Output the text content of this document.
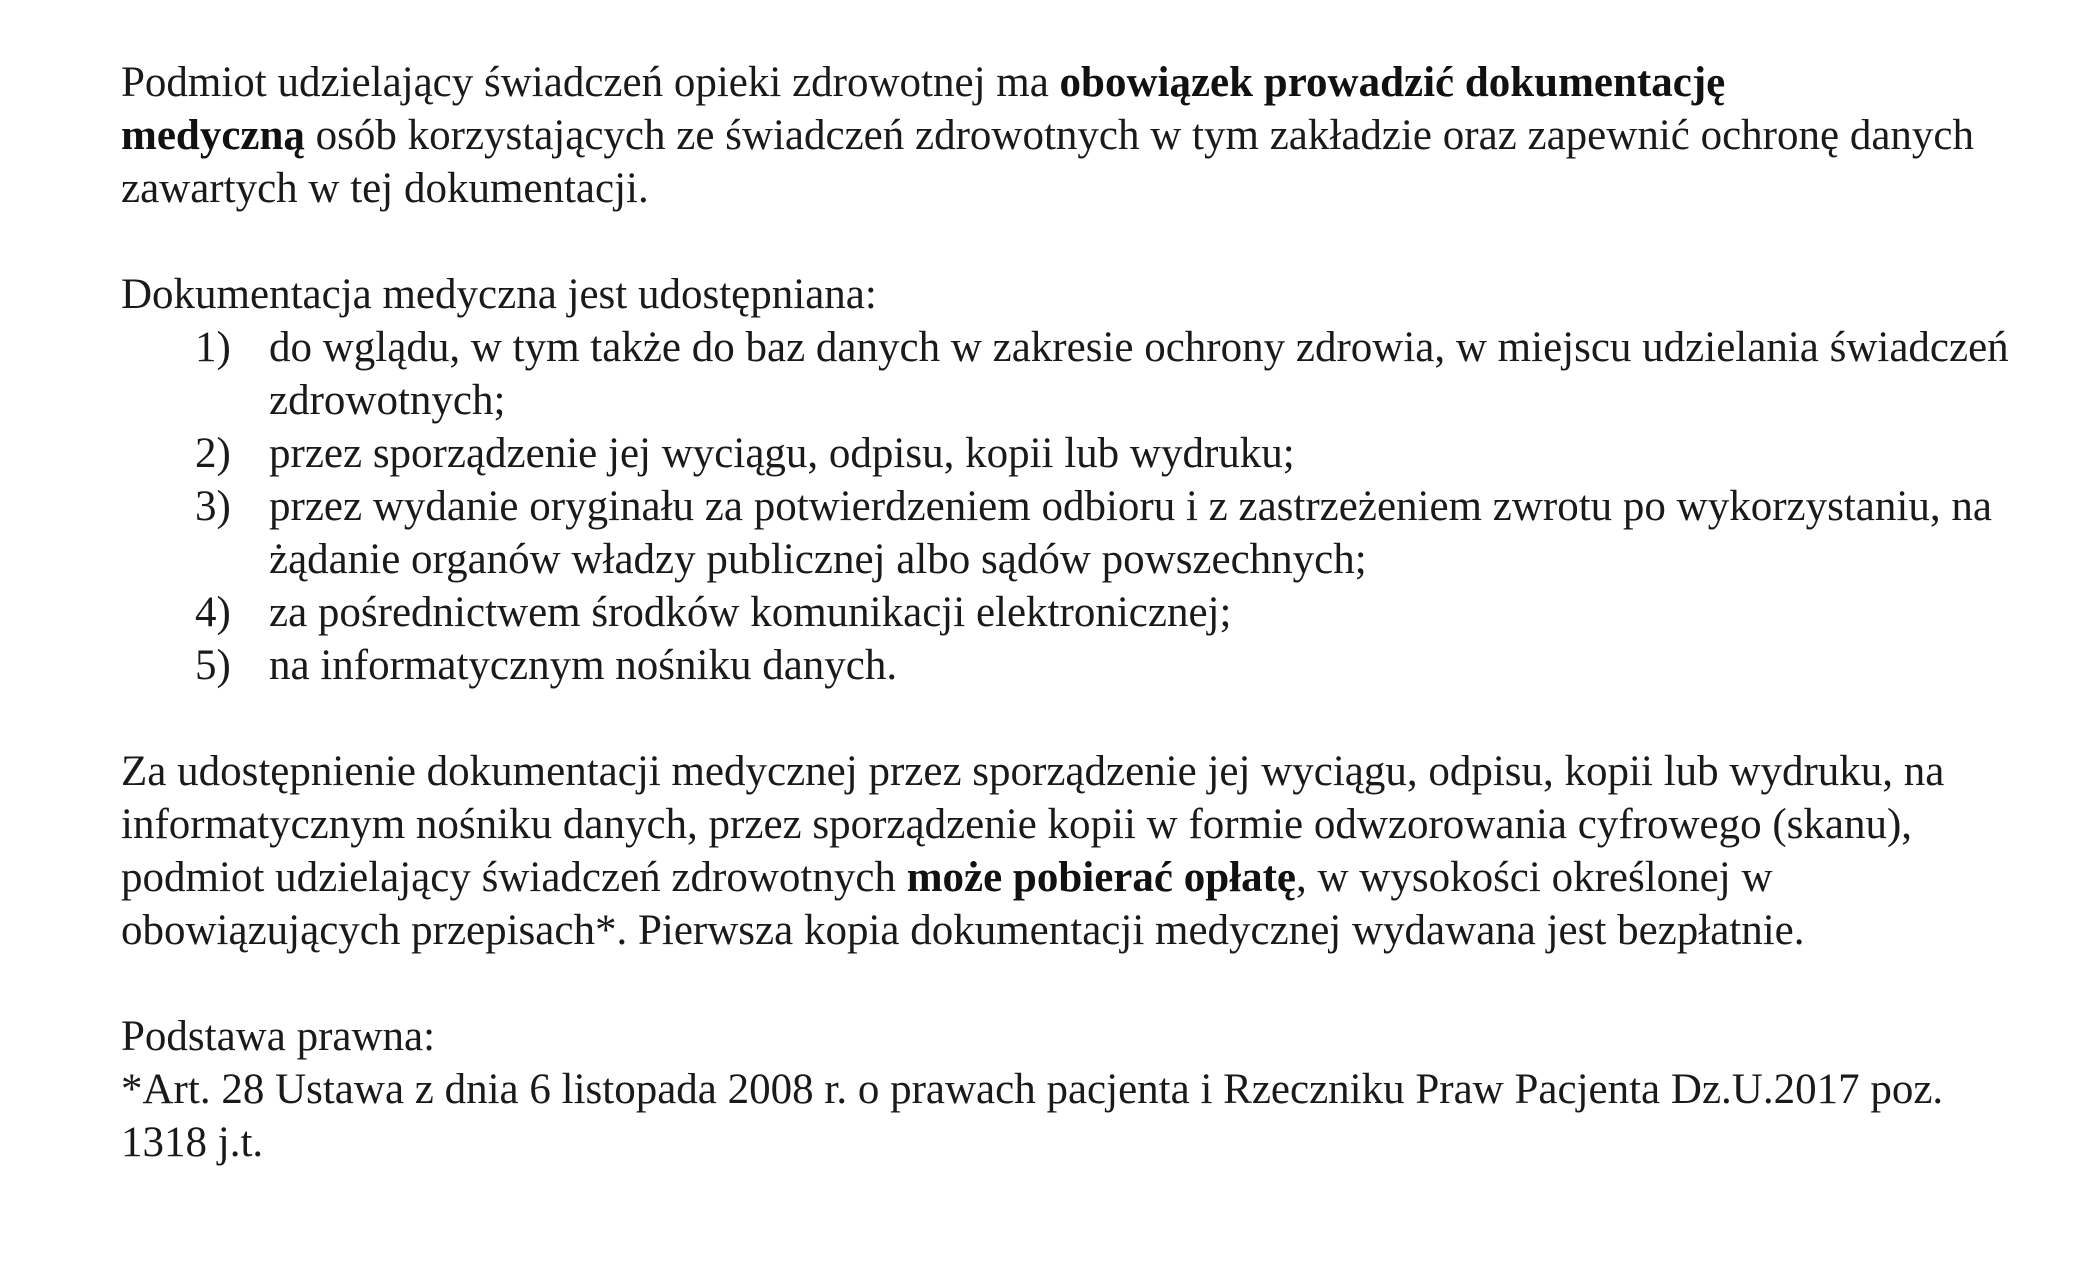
Podmiot udzielający świadczeń opieki zdrowotnej ma obowiązek prowadzić dokumentację
medyczną osób korzystających ze świadczeń zdrowotnych w tym zakładzie oraz zapewnić ochronę danych zawartych w tej dokumentacji.

Dokumentacja medyczna jest udostępniana:

1) do wglądu, w tym także do baz danych w zakresie ochrony zdrowia, w miejscu udzielania świadczeń zdrowotnych;
2) przez sporządzenie jej wyciągu, odpisu, kopii lub wydruku;
3) przez wydanie oryginału za potwierdzeniem odbioru i z zastrzeżeniem zwrotu po wykorzystaniu, na żądanie organów władzy publicznej albo sądów powszechnych;
4) za pośrednictwem środków komunikacji elektronicznej;
5) na informatycznym nośniku danych.

Za udostępnienie dokumentacji medycznej przez sporządzenie jej wyciągu, odpisu, kopii lub wydruku, na informatycznym nośniku danych, przez sporządzenie kopii w formie odwzorowania cyfrowego (skanu), podmiot udzielający świadczeń zdrowotnych może pobierać opłatę, w wysokości określonej w obowiązujących przepisach*. Pierwsza kopia dokumentacji medycznej wydawana jest bezpłatnie.

Podstawa prawna:

*Art. 28 Ustawa z dnia 6 listopada 2008 r. o prawach pacjenta i Rzeczniku Praw Pacjenta Dz.U.2017 poz. 1318 j.t.
